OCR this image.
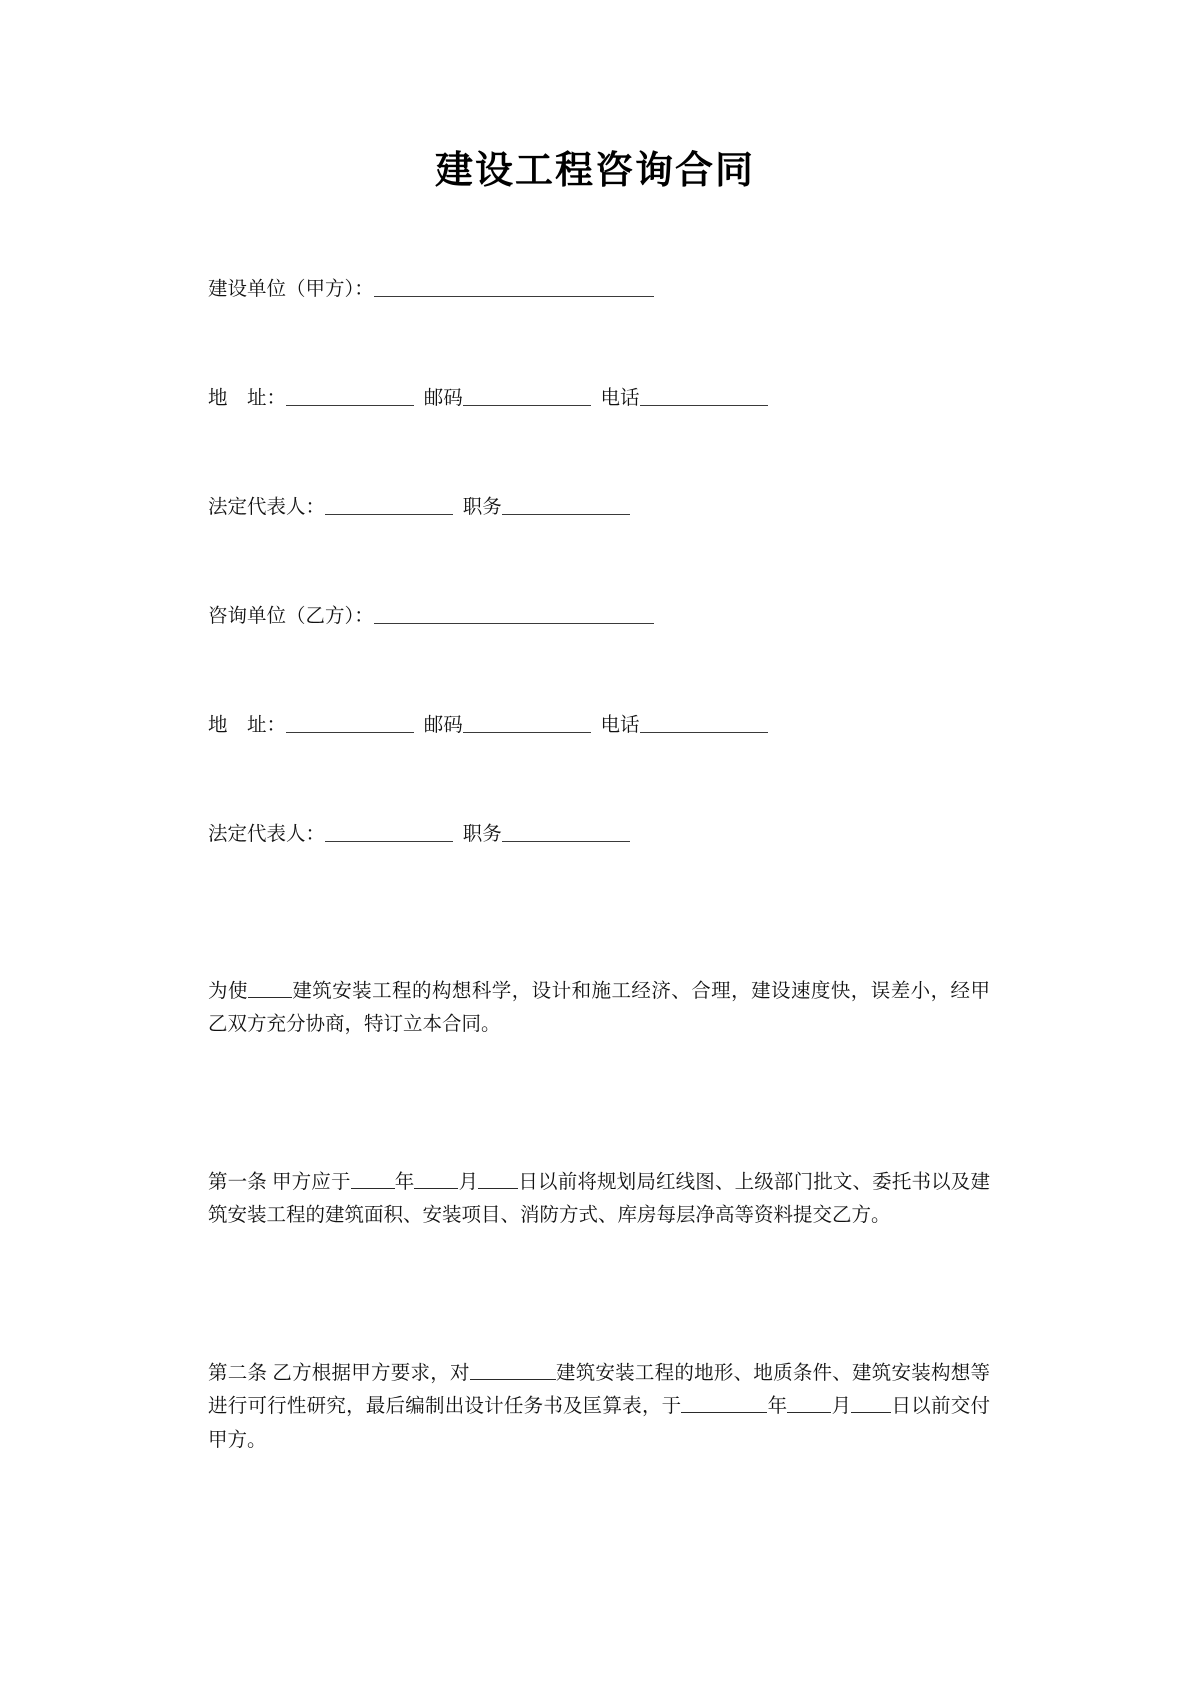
建设工程咨询合同
建设单位（甲方）：
地　址：	邮码	电话
法定代表人：	职务
咨询单位（乙方）：
地　址：	邮码	电话
法定代表人：	职务

为使 建筑安装工程的构想科学，设计和施工经济、合理，建设速度快，误差小，经甲乙双方充分协商，特订立本合同。

第一条 甲方应于 年 月 日以前将规划局红线图、上级部门批文、委托书以及建筑安装工程的建筑面积、安装项目、消防方式、库房每层净高等资料提交乙方。

第二条 乙方根据甲方要求，对	建筑安装工程的地形、地质条件、建筑安装构想等进行可行性研究，最后编制出设计任务书及匡算表，于	年 月 日以前交付甲方。
